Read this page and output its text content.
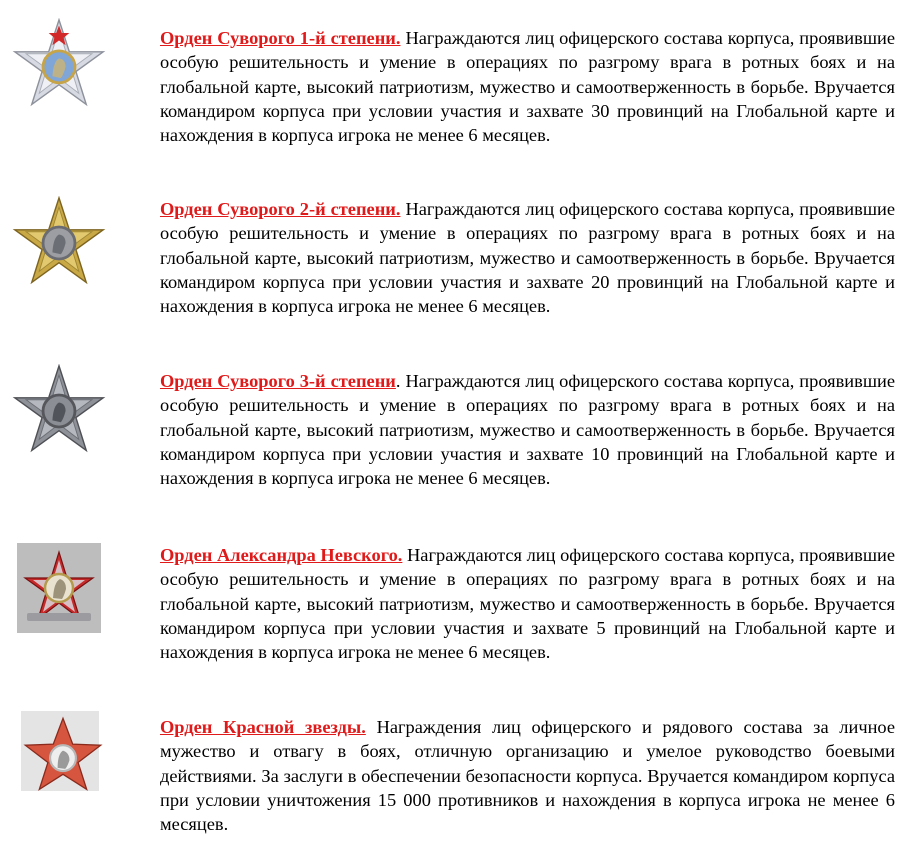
Орден Суворого 1-й степени. Награждаются лиц офицерского состава корпуса, проявившие особую решительность и умение в операциях по разгрому врага в ротных боях и на глобальной карте, высокий патриотизм, мужество и самоотверженность в борьбе. Вручается командиром корпуса при условии участия и захвате 30 провинций на Глобальной карте и нахождения в корпуса игрока не менее 6 месяцев.

Орден Суворого 2-й степени. Награждаются лиц офицерского состава корпуса, проявившие особую решительность и умение в операциях по разгрому врага в ротных боях и на глобальной карте, высокий патриотизм, мужество и самоотверженность в борьбе. Вручается командиром корпуса при условии участия и захвате 20 провинций на Глобальной карте и нахождения в корпуса игрока не менее 6 месяцев.

Орден Суворого 3-й степени. Награждаются лиц офицерского состава корпуса, проявившие особую решительность и умение в операциях по разгрому врага в ротных боях и на глобальной карте, высокий патриотизм, мужество и самоотверженность в борьбе. Вручается командиром корпуса при условии участия и захвате 10 провинций на Глобальной карте и нахождения в корпуса игрока не менее 6 месяцев.

Орден Александра Невского. Награждаются лиц офицерского состава корпуса, проявившие особую решительность и умение в операциях по разгрому врага в ротных боях и на глобальной карте, высокий патриотизм, мужество и самоотверженность в борьбе. Вручается командиром корпуса при условии участия и захвате 5 провинций на Глобальной карте и нахождения в корпуса игрока не менее 6 месяцев.

Орден Красной звезды. Награждения лиц офицерского и рядового состава за личное мужество и отвагу в боях, отличную организацию и умелое руководство боевыми действиями. За заслуги в обеспечении безопасности корпуса. Вручается командиром корпуса при условии уничтожения 15 000 противников и нахождения в корпуса игрока не менее 6 месяцев.
